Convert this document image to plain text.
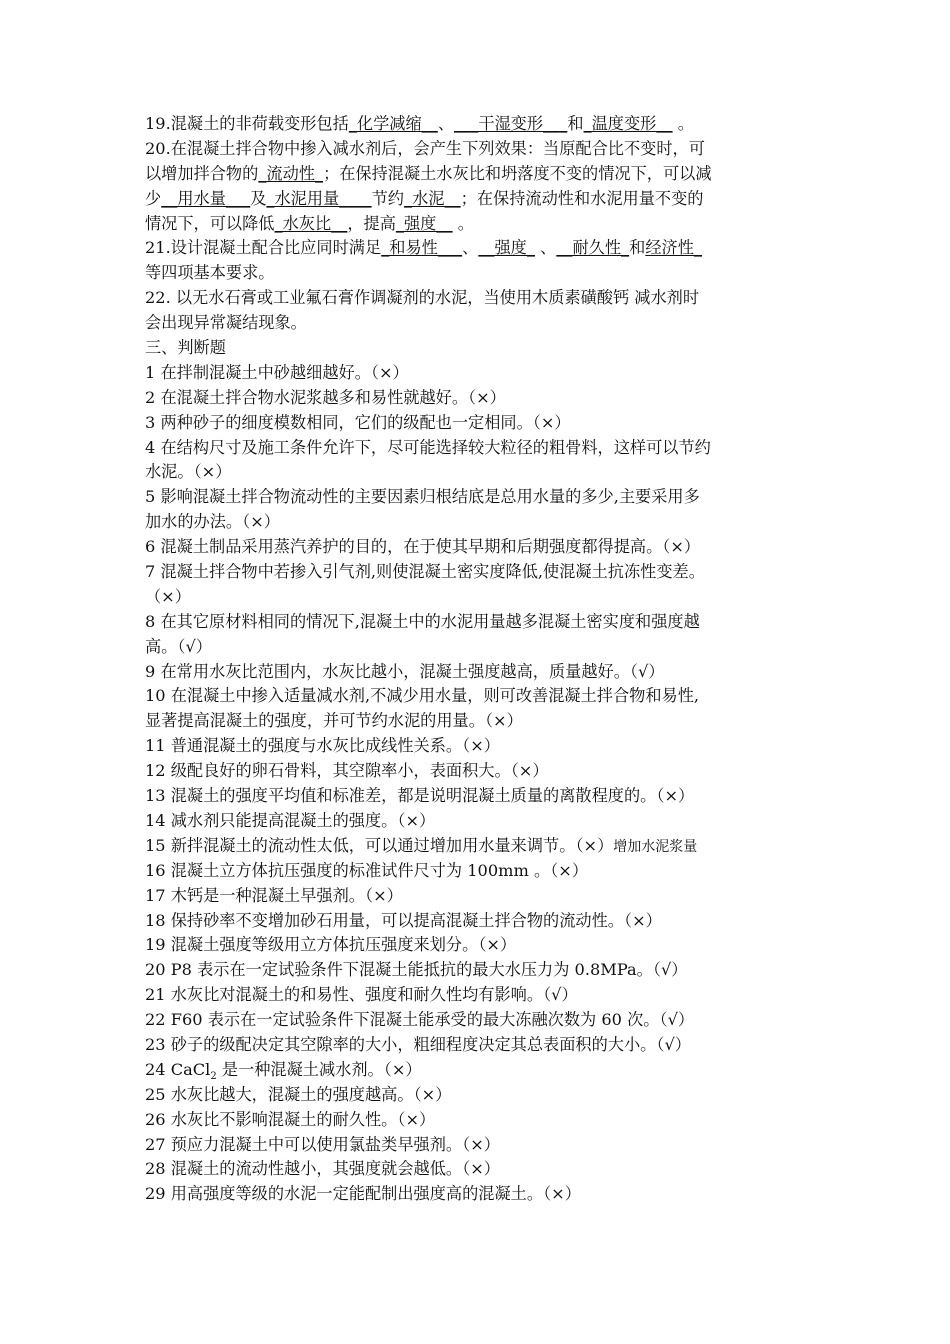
19.混凝土的非荷载变形包括_化学减缩__、___干湿变形___和_温度变形__ 。
20.在混凝土拌合物中掺入减水剂后，会产生下列效果：当原配合比不变时，可
以增加拌合物的_流动性_；在保持混凝土水灰比和坍落度不变的情况下，可以减
少__用水量___及_水泥用量____节约_水泥__；在保持流动性和水泥用量不变的
情况下，可以降低_水灰比__，提高_强度__ 。
21.设计混凝土配合比应同时满足_和易性___、__强度_ 、__耐久性_和经济性_
等四项基本要求。
22. 以无水石膏或工业氟石膏作调凝剂的水泥，当使用木质素磺酸钙 减水剂时
会出现异常凝结现象。
三、判断题
1 在拌制混凝土中砂越细越好。（×）
2 在混凝土拌合物水泥浆越多和易性就越好。（×）
3 两种砂子的细度模数相同，它们的级配也一定相同。（×）
4 在结构尺寸及施工条件允许下，尽可能选择较大粒径的粗骨料，这样可以节约
水泥。（×）
5 影响混凝土拌合物流动性的主要因素归根结底是总用水量的多少,主要采用多
加水的办法。（×）
6 混凝土制品采用蒸汽养护的目的，在于使其早期和后期强度都得提高。（×）
7 混凝土拌合物中若掺入引气剂,则使混凝土密实度降低,使混凝土抗冻性变差。
（×）
8 在其它原材料相同的情况下,混凝土中的水泥用量越多混凝土密实度和强度越
高。（√）
9 在常用水灰比范围内，水灰比越小，混凝土强度越高，质量越好。（√）
10 在混凝土中掺入适量减水剂,不减少用水量，则可改善混凝土拌合物和易性,
显著提高混凝土的强度，并可节约水泥的用量。（×）
11 普通混凝土的强度与水灰比成线性关系。（×）
12 级配良好的卵石骨料，其空隙率小，表面积大。（×）
13 混凝土的强度平均值和标准差，都是说明混凝土质量的离散程度的。（×）
14 减水剂只能提高混凝土的强度。（×）
15 新拌混凝土的流动性太低，可以通过增加用水量来调节。（×）增加水泥浆量
16 混凝土立方体抗压强度的标准试件尺寸为 100mm 。（×）
17 木钙是一种混凝土早强剂。（×）
18 保持砂率不变增加砂石用量，可以提高混凝土拌合物的流动性。（×）
19 混凝土强度等级用立方体抗压强度来划分。（×）
20 P8 表示在一定试验条件下混凝土能抵抗的最大水压力为 0.8MPa。（√）
21 水灰比对混凝土的和易性、强度和耐久性均有影响。（√）
22 F60 表示在一定试验条件下混凝土能承受的最大冻融次数为 60 次。（√）
23 砂子的级配决定其空隙率的大小，粗细程度决定其总表面积的大小。（√）
24 CaCl$_2$ 是一种混凝土减水剂。（×）
25 水灰比越大，混凝土的强度越高。（×）
26 水灰比不影响混凝土的耐久性。（×）
27 预应力混凝土中可以使用氯盐类早强剂。（×）
28 混凝土的流动性越小，其强度就会越低。（×）
29 用高强度等级的水泥一定能配制出强度高的混凝土。（×）
